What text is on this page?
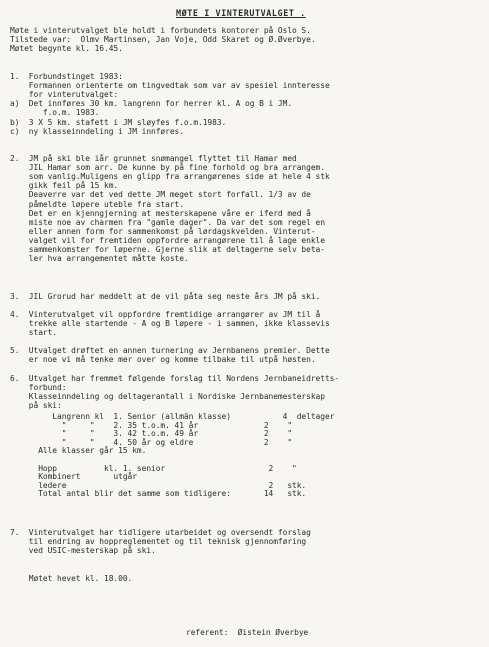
MØTE I VINTERUTVALGET .
Møte i vinterutvalget ble holdt i forbundets kontorer på Oslo S.
Tilstede var:  Olmv Martinsen, Jan Voje, Odd Skaret og Ø.Øverbye.
Møtet begynte kl. 16.45.
1.  Forbundstinget 1983:
Formannen orienterte om tingvedtak som var av spesiel innteresse
for vinterutvalget:
a)  Det innføres 30 km. langrenn for herrer kl. A og B i JM.
f.o.m. 1983.
b)  3 X 5 km. stafett i JM sløyfes f.o.m.1983.
c)  ny klasseinndeling i JM innføres.
2.  JM på ski ble iår grunnet snømangel flyttet til Hamar med
JIL Hamar som arr. De kunne by på fine forhold og bra arrangem.
som vanlig.Muligens en glipp fra arrangørenes side at hele 4 stk
gikk feil på 15 km.
Deaverre var det ved dette JM meget stort forfall. 1/3 av de
påmeldte løpere uteble fra start.
Det er en kjenngjerning at mesterskapene våre er iferd med å
miste noe av charmen fra "gamle dager". Da var det som regel en
eller annen form for sammenkomst på lørdagskvelden. Vinterut-
valget vil for fremtiden oppfordre arrangørene til å lage enkle
sammenkomster for løperne. Gjerne slik at deltagerne selv beta-
ler hva arrangementet måtte koste.
3.  JIL Grorud har meddelt at de vil påta seg neste års JM på ski.
4.  Vinterutvalget vil oppfordre fremtidige arrangører av JM til å
trekke alle startende - A og B løpere - i sammen, ikke klassevis
start.
5.  Utvalget drøftet en annen turnering av Jernbanens premier. Dette
er noe vi må tenke mer over og komme tilbake til utpå høsten.
6.  Utvalget har fremmet følgende forslag til Nordens Jernbaneidretts-
forbund:
Klasseinndeling og deltagerantall i Nordiske Jernbanemesterskap
på ski:
Langrenn kl  1. Senior (allmän klasse)           4  deltager
"     "    2. 35 t.o.m. 41 år              2    "
"     "    3. 42 t.o.m. 49 år              2    "
"     "    4. 50 år og eldre               2    "
Alle klasser går 15 km.
Hopp          kl. 1. senior                      2    "
Kombinert       utgår
ledere                                           2   stk.
Total antal blir det samme som tidligere:       14   stk.
7.  Vinterutvalget har tidligere utarbeidet og oversendt forslag
til endring av hoppreglementet og til teknisk gjennomføring
ved USIC-mesterskap på ski.
Møtet hevet kl. 18.00.
referent:  Øistein Øverbye
